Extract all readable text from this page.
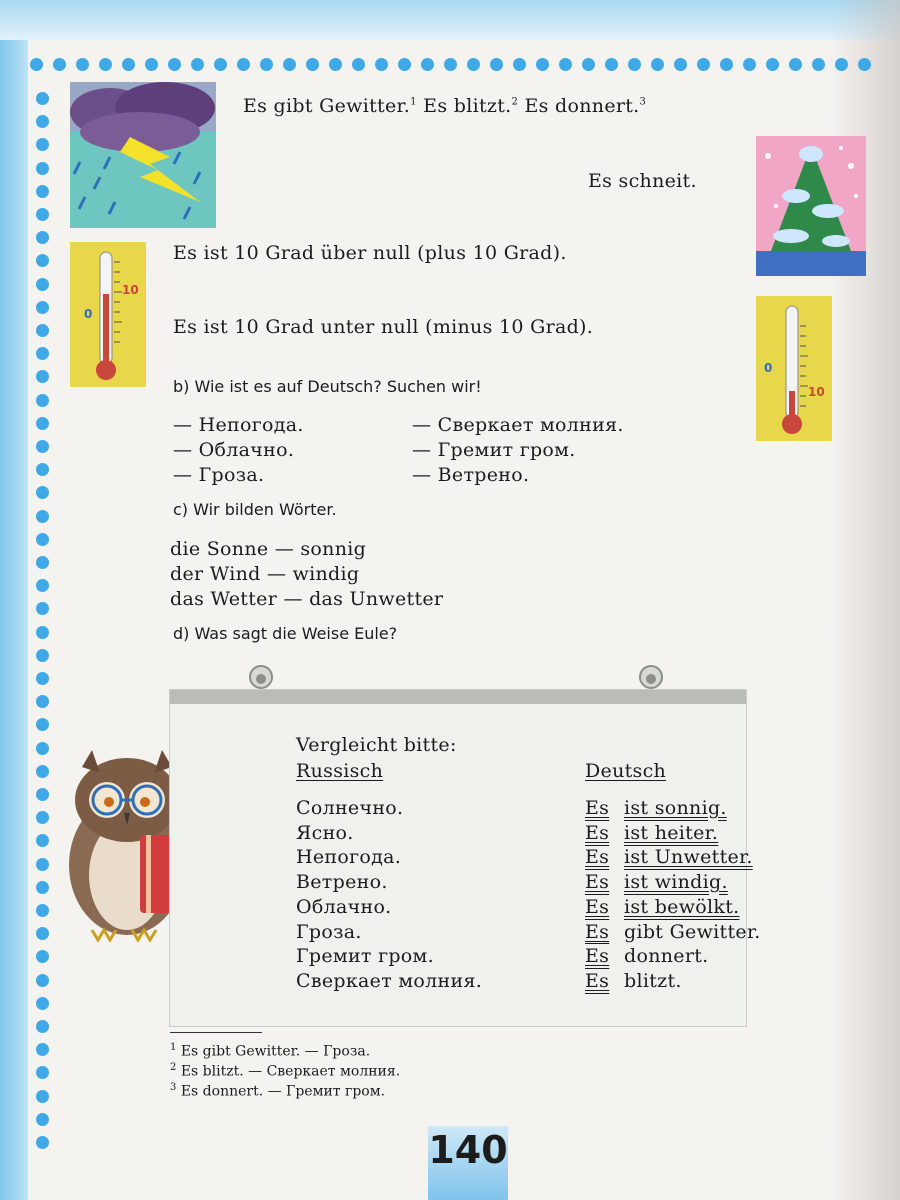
Es gibt Gewitter.$^1$ Es blitzt.$^2$ Es donnert.$^3$
Es schneit.
10
0
Es ist 10 Grad über null (plus 10 Grad).
Es ist 10 Grad unter null (minus 10 Grad).
0
10
b) Wie ist es auf Deutsch? Suchen wir!
— Непогода.
— Облачно.
— Гроза.
— Сверкает молния.
— Гремит гром.
— Ветрено.
c) Wir bilden Wörter.
die Sonne — sonnig
der Wind — windig
das Wetter — das Unwetter
d) Was sagt die Weise Eule?
Vergleicht bitte:
Russisch	Deutsch
Солнечно.	Es ist sonnig.
Ясно.	Es ist heiter.
Непогода.	Es ist Unwetter.
Ветрено.	Es ist windig.
Облачно.	Es ist bewölkt.
Гроза.	Es gibt Gewitter.
Гремит гром.	Es donnert.
Сверкает молния.	Es blitzt.
$^1$ Es gibt Gewitter. — Гроза.
$^2$ Es blitzt. — Сверкает молния.
$^3$ Es donnert. — Гремит гром.
140
